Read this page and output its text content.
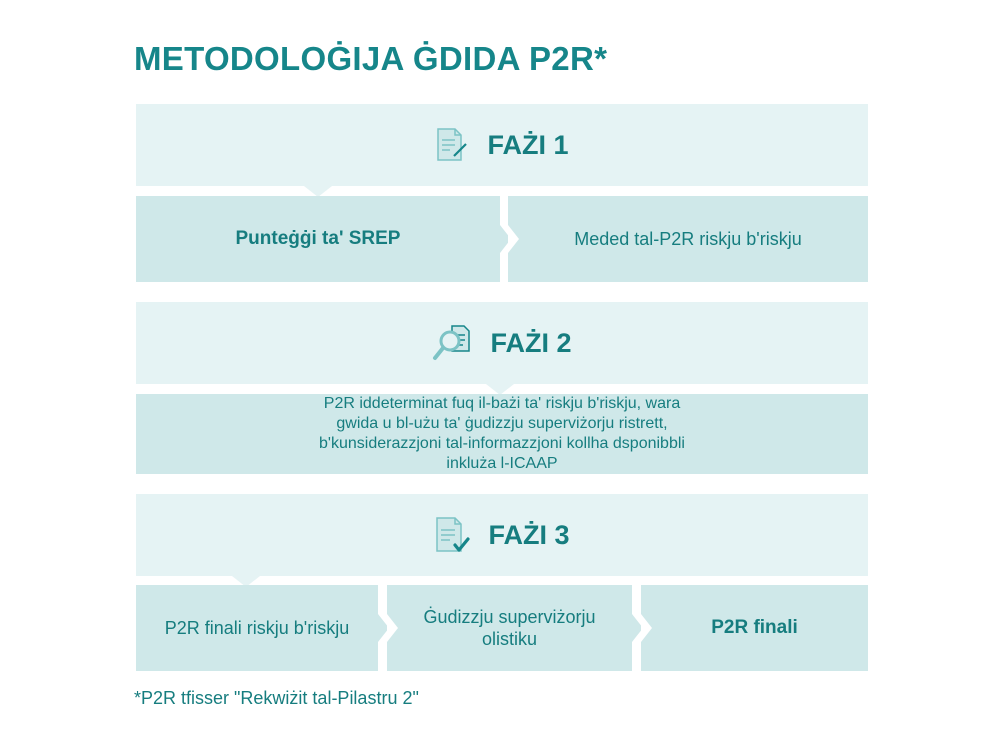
METODOLOĠIJA ĠDIDA P2R*
FAŻI 1
Punteġġi ta' SREP	Meded tal-P2R riskju b'riskju
FAŻI 2
P2R iddeterminat fuq il-bażi ta' riskju b'riskju, wara gwida u bl-użu ta' ġudizzju superviżorju ristrett, b'kunsiderazzjoni tal-informazzjoni kollha dsponibbli inkluża l-ICAAP
FAŻI 3
P2R finali riskju b'riskju
Ġudizzju superviżorju olistiku
P2R finali
*P2R tfisser "Rekwiżit tal-Pilastru 2"
